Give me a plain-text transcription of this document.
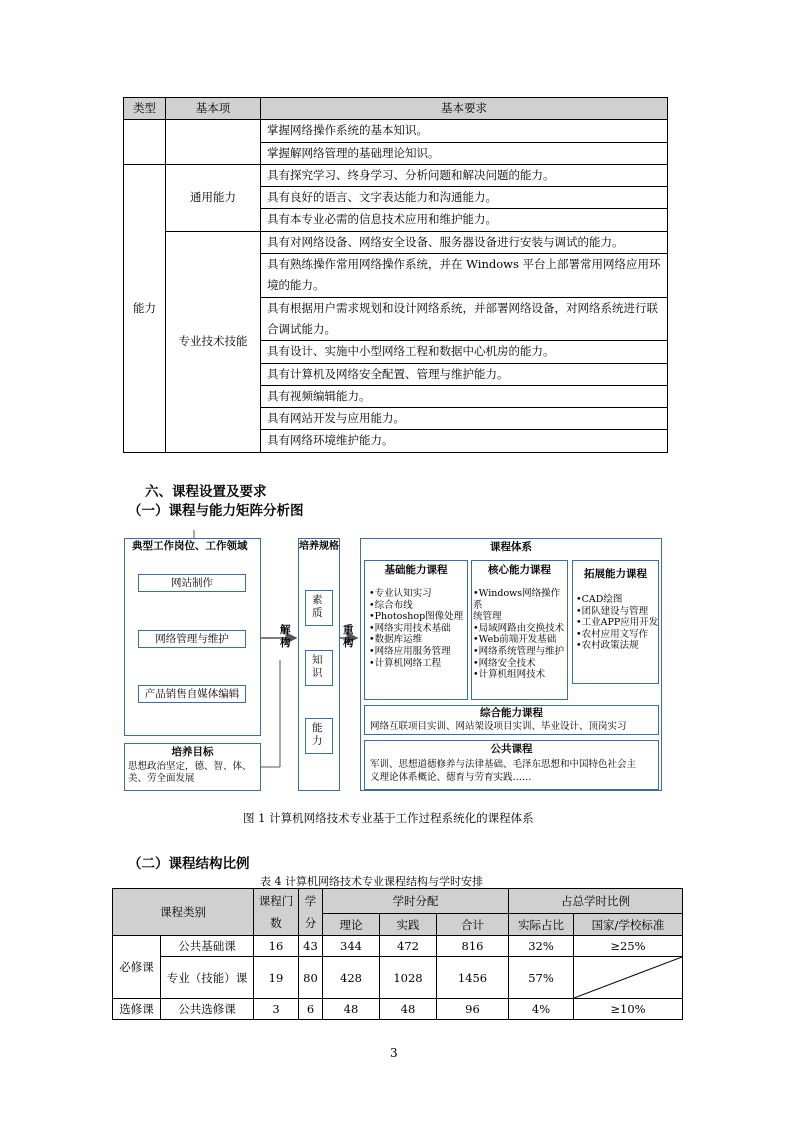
类型	基本项	基本要求
		掌握网络操作系统的基本知识。
		掌握解网络管理的基础理论知识。
能力	通用能力	具有探究学习、终身学习、分析问题和解决问题的能力。
		具有良好的语言、文字表达能力和沟通能力。
		具有本专业必需的信息技术应用和维护能力。
	专业技术技能	具有对网络设备、网络安全设备、服务器设备进行安装与调试的能力。
		具有熟练操作常用网络操作系统，并在 Windows 平台上部署常用网络应用环境的能力。
		具有根据用户需求规划和设计网络系统，并部署网络设备，对网络系统进行联合调试能力。
		具有设计、实施中小型网络工程和数据中心机房的能力。
		具有计算机及网络安全配置、管理与维护能力。
		具有视频编辑能力。
		具有网站开发与应用能力。
		具有网络环境维护能力。
六、课程设置及要求
（一）课程与能力矩阵分析图
典型工作岗位、工作领域
网站制作
网络管理与维护
产品销售自媒体编辑
培养目标
思想政治坚定，德、智、体、美、劳全面发展
解构
重构
培养规格
素质
知识
能力
课程体系
基础能力课程
•专业认知实习
•综合布线
•Photoshop图像处理
•网络实用技术基础
•数据库运维
•网络应用服务管理
•计算机网络工程
核心能力课程
•Windows网络操作系
统管理
•局域网路由交换技术
•Web前端开发基础
•网络系统管理与维护
•网络安全技术
•计算机组网技术
拓展能力课程
•CAD绘图
•团队建设与管理
•工业APP应用开发
•农村应用文写作
•农村政策法规
综合能力课程
网络互联项目实训、网站架设项目实训、毕业设计、顶岗实习
公共课程
军训、思想道德修养与法律基础、毛泽东思想和中国特色社会主
义理论体系概论、德育与劳育实践……
图 1 计算机网络技术专业基于工作过程系统化的课程体系
（二）课程结构比例
表 4 计算机网络技术专业课程结构与学时安排
课程类别		课程门数	学分	学时分配			占总学时比例	
				理论	实践	合计	实际占比	国家/学校标准
必修课	公共基础课	16	43	344	472	816	32%	≥25%
	专业（技能）课	19	80	428	1028	1456	57%	

选修课	公共选修课	3	6	48	48	96	4%	≥10%
3
